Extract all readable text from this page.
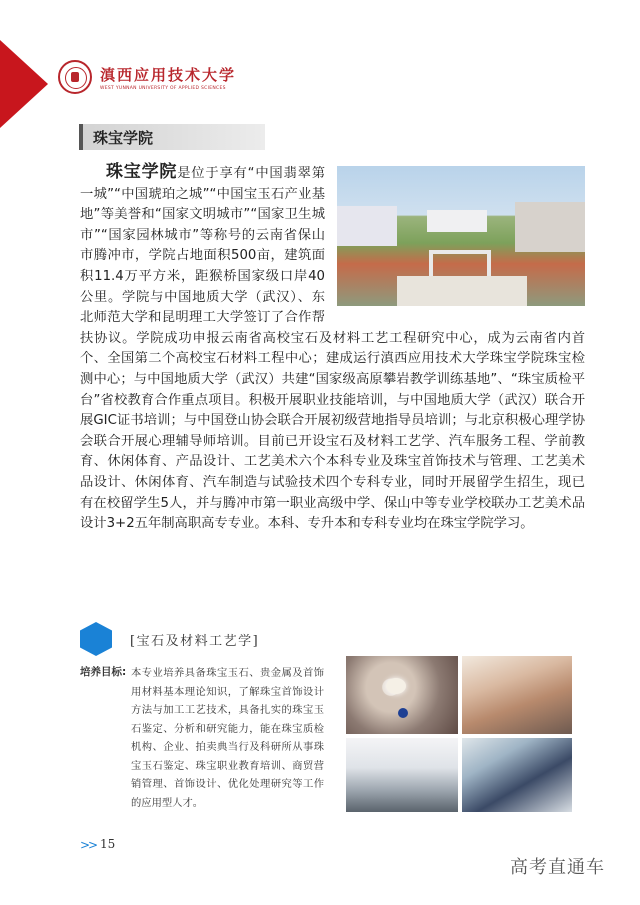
滇西应用技术大学
WEST YUNNAN UNIVERSITY OF APPLIED SCIENCES
珠宝学院
珠宝学院是位于享有“中国翡翠第一城”“中国琥珀之城”“中国宝玉石产业基地”等美誉和“国家文明城市”“国家卫生城市”“国家园林城市”等称号的云南省保山市腾冲市，学院占地面积500亩，建筑面积11.4万平方米，距猴桥国家级口岸40公里。学院与中国地质大学（武汉）、东北师范大学和昆明理工大学签订了合作帮扶协议。学院成功申报云南省高校宝石及材料工艺工程研究中心，成为云南省内首个、全国第二个高校宝石材料工程中心；建成运行滇西应用技术大学珠宝学院珠宝检测中心；与中国地质大学（武汉）共建“国家级高原攀岩教学训练基地”、“珠宝质检平台”省校教育合作重点项目。积极开展职业技能培训，与中国地质大学（武汉）联合开展GIC证书培训；与中国登山协会联合开展初级营地指导员培训；与北京积极心理学协会联合开展心理辅导师培训。目前已开设宝石及材料工艺学、汽车服务工程、学前教育、休闲体育、产品设计、工艺美术六个本科专业及珠宝首饰技术与管理、工艺美术品设计、休闲体育、汽车制造与试验技术四个专科专业，同时开展留学生招生，现已有在校留学生5人，并与腾冲市第一职业高级中学、保山中等专业学校联办工艺美术品设计3+2五年制高职高专专业。本科、专升本和专科专业均在珠宝学院学习。
[宝石及材料工艺学]
培养目标: 本专业培养具备珠宝玉石、贵金属及首饰用材料基本理论知识，了解珠宝首饰设计方法与加工工艺技术，具备扎实的珠宝玉石鉴定、分析和研究能力，能在珠宝质检机构、企业、拍卖典当行及科研所从事珠宝玉石鉴定、珠宝职业教育培训、商贸营销管理、首饰设计、优化处理研究等工作的应用型人才。
>> 15
高考直通车
